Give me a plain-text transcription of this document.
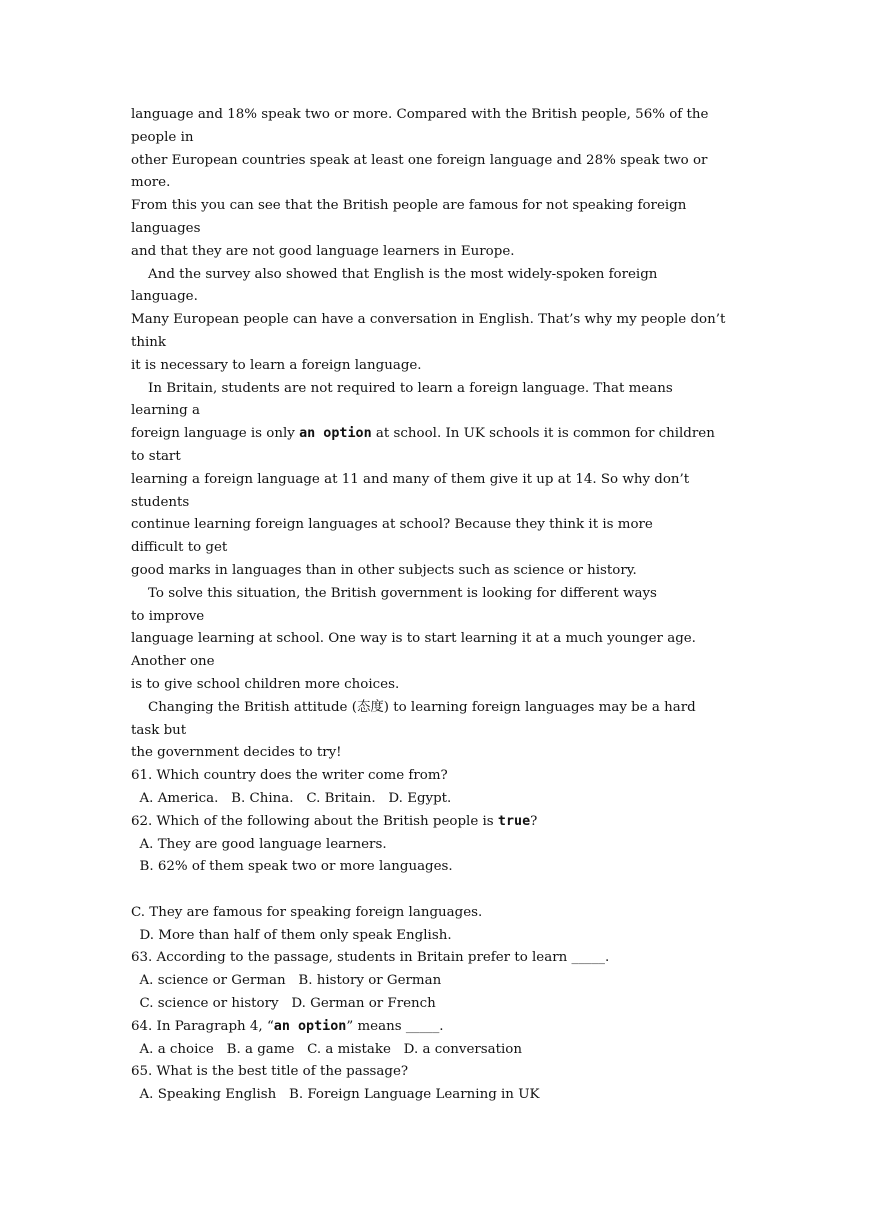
language and 18% speak two or more. Compared with the British people, 56% of the
people in
other European countries speak at least one foreign language and 28% speak two or
more.
From this you can see that the British people are famous for not speaking foreign
languages
and that they are not good language learners in Europe.
And the survey also showed that English is the most widely-spoken foreign
language.
Many European people can have a conversation in English. That’s why my people don’t
think
it is necessary to learn a foreign language.
In Britain, students are not required to learn a foreign language. That means
learning a
foreign language is only an option at school. In UK schools it is common for children
to start
learning a foreign language at 11 and many of them give it up at 14. So why don’t
students
continue learning foreign languages at school? Because they think it is more
difficult to get
good marks in languages than in other subjects such as science or history.
To solve this situation, the British government is looking for different ways
to improve
language learning at school. One way is to start learning it at a much younger age.
Another one
is to give school children more choices.
Changing the British attitude (态度) to learning foreign languages may be a hard
task but
the government decides to try!
61. Which country does the writer come from?
A. America.   B. China.   C. Britain.   D. Egypt.
62. Which of the following about the British people is true?
A. They are good language learners.
B. 62% of them speak two or more languages.
C. They are famous for speaking foreign languages.
D. More than half of them only speak English.
63. According to the passage, students in Britain prefer to learn _____.
A. science or German   B. history or German
C. science or history   D. German or French
64. In Paragraph 4, “an option” means _____.
A. a choice   B. a game   C. a mistake   D. a conversation
65. What is the best title of the passage?
A. Speaking English   B. Foreign Language Learning in UK
